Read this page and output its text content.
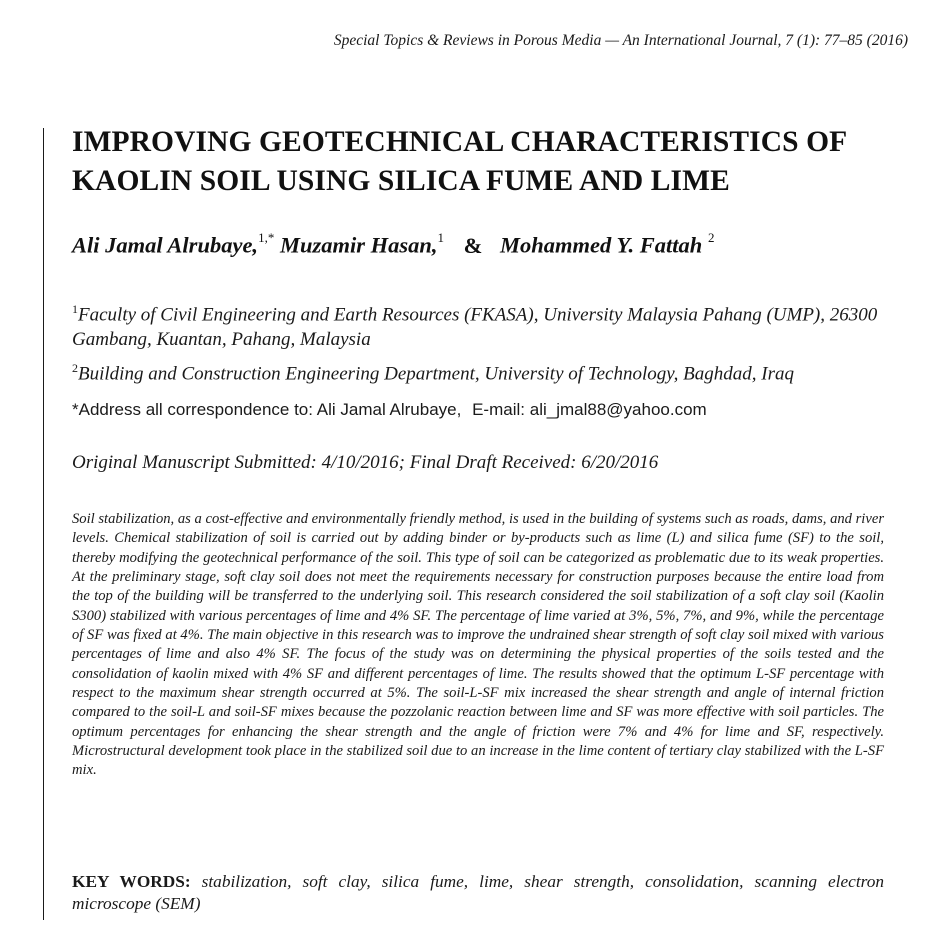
Special Topics & Reviews in Porous Media — An International Journal, 7 (1): 77–85 (2016)
IMPROVING GEOTECHNICAL CHARACTERISTICS OF
KAOLIN SOIL USING SILICA FUME AND LIME
Ali Jamal Alrubaye,$^{1,*}$ Muzamir Hasan,$^1$ & Mohammed Y. Fattah $^2$
$^1$Faculty of Civil Engineering and Earth Resources (FKASA), University Malaysia Pahang (UMP), 26300 Gambang, Kuantan, Pahang, Malaysia
$^2$Building and Construction Engineering Department, University of Technology, Baghdad, Iraq
*Address all correspondence to: Ali Jamal Alrubaye, E-mail: ali_jmal88@yahoo.com
Original Manuscript Submitted: 4/10/2016; Final Draft Received: 6/20/2016

Soil stabilization, as a cost-effective and environmentally friendly method, is used in the building of systems such as roads, dams, and river levels. Chemical stabilization of soil is carried out by adding binder or by-products such as lime (L) and silica fume (SF) to the soil, thereby modifying the geotechnical performance of the soil. This type of soil can be categorized as problematic due to its weak properties. At the preliminary stage, soft clay soil does not meet the requirements necessary for construction purposes because the entire load from the top of the building will be transferred to the underlying soil. This research considered the soil stabilization of a soft clay soil (Kaolin S300) stabilized with various percentages of lime and 4% SF. The percentage of lime varied at 3%, 5%, 7%, and 9%, while the percentage of SF was fixed at 4%. The main objective in this research was to improve the undrained shear strength of soft clay soil mixed with various percentages of lime and also 4% SF. The focus of the study was on determining the physical properties of the soils tested and the consolidation of kaolin mixed with 4% SF and different percentages of lime. The results showed that the optimum L-SF percentage with respect to the maximum shear strength occurred at 5%. The soil-L-SF mix increased the shear strength and angle of internal friction compared to the soil-L and soil-SF mixes because the pozzolanic reaction between lime and SF was more effective with soil particles. The optimum percentages for enhancing the shear strength and the angle of friction were 7% and 4% for lime and SF, respectively. Microstructural development took place in the stabilized soil due to an increase in the lime content of tertiary clay stabilized with the L-SF mix.

KEY WORDS: stabilization, soft clay, silica fume, lime, shear strength, consolidation, scanning electron microscope (SEM)
